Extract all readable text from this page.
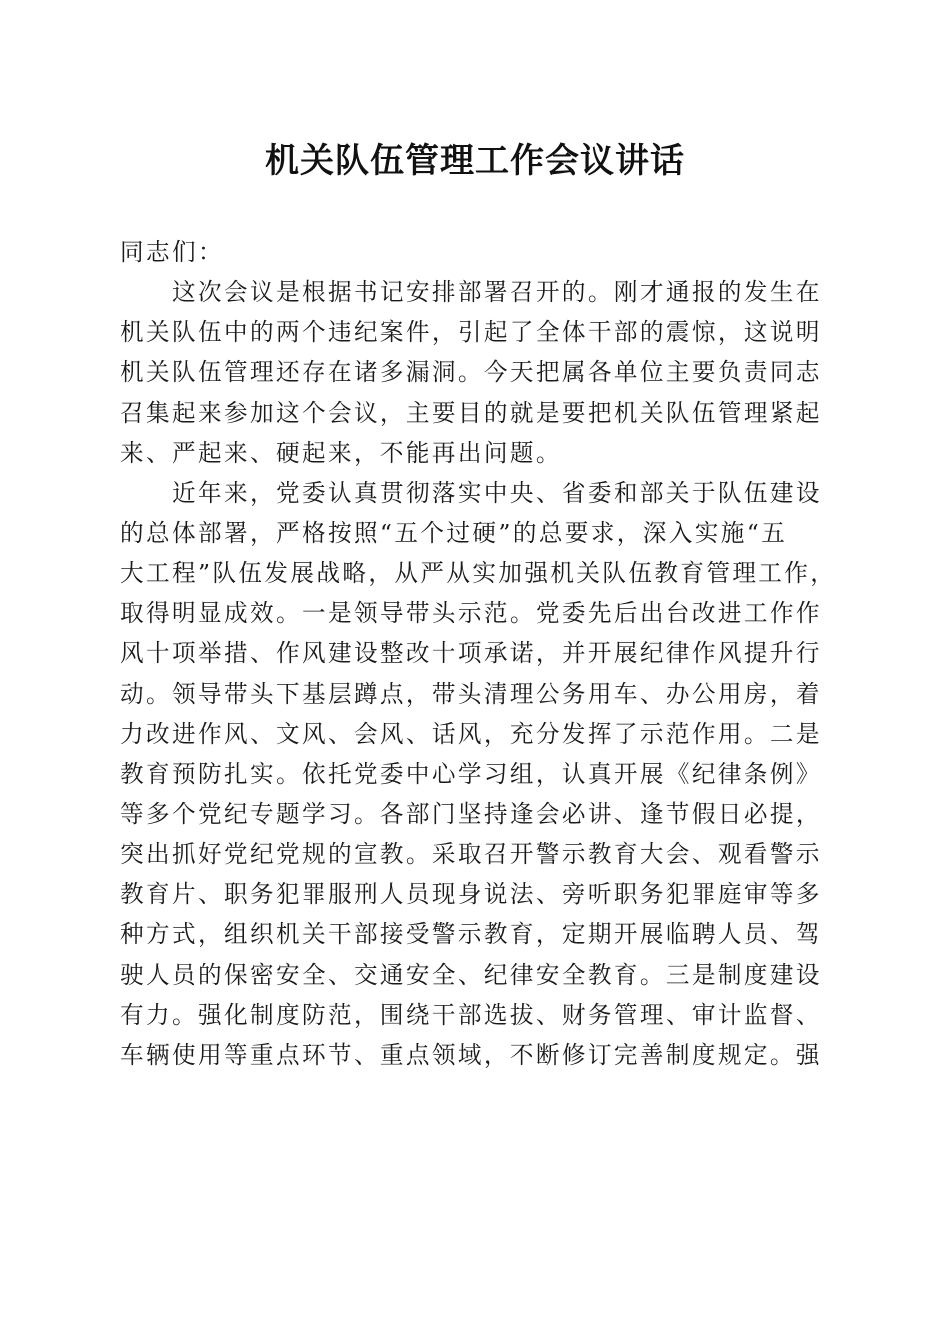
机关队伍管理工作会议讲话

同志们：

这次会议是根据书记安排部署召开的。刚才通报的发生在
机关队伍中的两个违纪案件，引起了全体干部的震惊，这说明
机关队伍管理还存在诸多漏洞。今天把属各单位主要负责同志
召集起来参加这个会议，主要目的就是要把机关队伍管理紧起
来、严起来、硬起来，不能再出问题。

近年来，党委认真贯彻落实中央、省委和部关于队伍建设
的总体部署，严格按照“五个过硬”的总要求，深入实施“五
大工程”队伍发展战略，从严从实加强机关队伍教育管理工作，
取得明显成效。一是领导带头示范。党委先后出台改进工作作
风十项举措、作风建设整改十项承诺，并开展纪律作风提升行
动。领导带头下基层蹲点，带头清理公务用车、办公用房，着
力改进作风、文风、会风、话风，充分发挥了示范作用。二是
教育预防扎实。依托党委中心学习组，认真开展《纪律条例》
等多个党纪专题学习。各部门坚持逢会必讲、逢节假日必提，
突出抓好党纪党规的宣教。采取召开警示教育大会、观看警示
教育片、职务犯罪服刑人员现身说法、旁听职务犯罪庭审等多
种方式，组织机关干部接受警示教育，定期开展临聘人员、驾
驶人员的保密安全、交通安全、纪律安全教育。三是制度建设
有力。强化制度防范，围绕干部选拔、财务管理、审计监督、
车辆使用等重点环节、重点领域，不断修订完善制度规定。强
